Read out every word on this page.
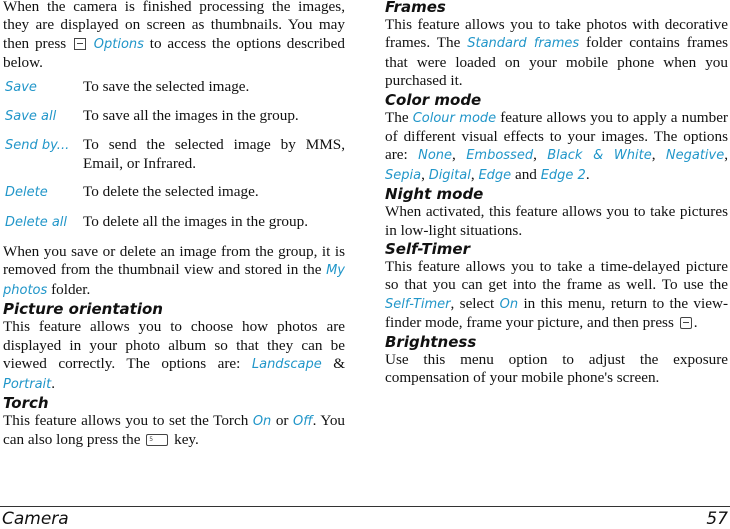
When the camera is finished processing the images, they are displayed on screen as thumbnails. You may then press Options to access the options described below.

Save	To save the selected image.
Save all	To save all the images in the group.
Send by...	To send the selected image by MMS, Email, or Infrared.
Delete	To delete the selected image.
Delete all	To delete all the images in the group.

When you save or delete an image from the group, it is removed from the thumbnail view and stored in the My photos folder.

Picture orientation

This feature allows you to choose how photos are displayed in your photo album so that they can be viewed correctly. The options are: Landscape & Portrait.

Torch

This feature allows you to set the Torch On or Off. You can also long press the 5 key.

Frames

This feature allows you to take photos with decorative frames. The Standard frames folder contains frames that were loaded on your mobile phone when you purchased it.

Color mode

The Colour mode feature allows you to apply a number of different visual effects to your images. The options are: None, Embossed, Black & White, Negative, Sepia, Digital, Edge and Edge 2.

Night mode

When activated, this feature allows you to take pictures in low-light situations.

Self-Timer

This feature allows you to take a time-delayed picture so that you can get into the frame as well. To use the Self-Timer, select On in this menu, return to the view-finder mode, frame your picture, and then press .

Brightness

Use this menu option to adjust the exposure compensation of your mobile phone's screen.

Camera	57
